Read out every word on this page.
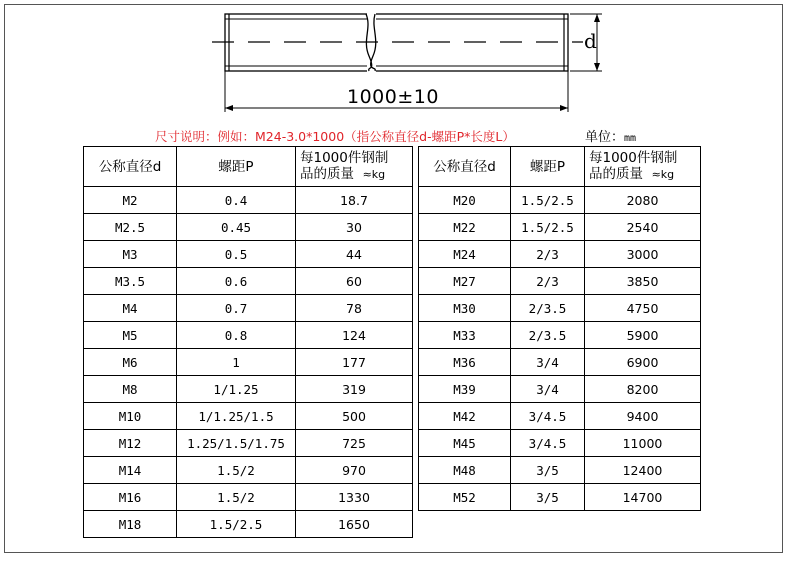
1000±10
d
尺寸说明：例如：M24-3.0*1000（指公称直径d-螺距P*长度L）	单位：mm
公称直径d	螺距P	每1000件钢制
品的质量 ≈kg
M2	0.4	18.7
M2.5	0.45	30
M3	0.5	44
M3.5	0.6	60
M4	0.7	78
M5	0.8	124
M6	1	177
M8	1/1.25	319
M10	1/1.25/1.5	500
M12	1.25/1.5/1.75	725
M14	1.5/2	970
M16	1.5/2	1330
M18	1.5/2.5	1650
公称直径d	螺距P	每1000件钢制
品的质量 ≈kg
M20	1.5/2.5	2080
M22	1.5/2.5	2540
M24	2/3	3000
M27	2/3	3850
M30	2/3.5	4750
M33	2/3.5	5900
M36	3/4	6900
M39	3/4	8200
M42	3/4.5	9400
M45	3/4.5	11000
M48	3/5	12400
M52	3/5	14700
